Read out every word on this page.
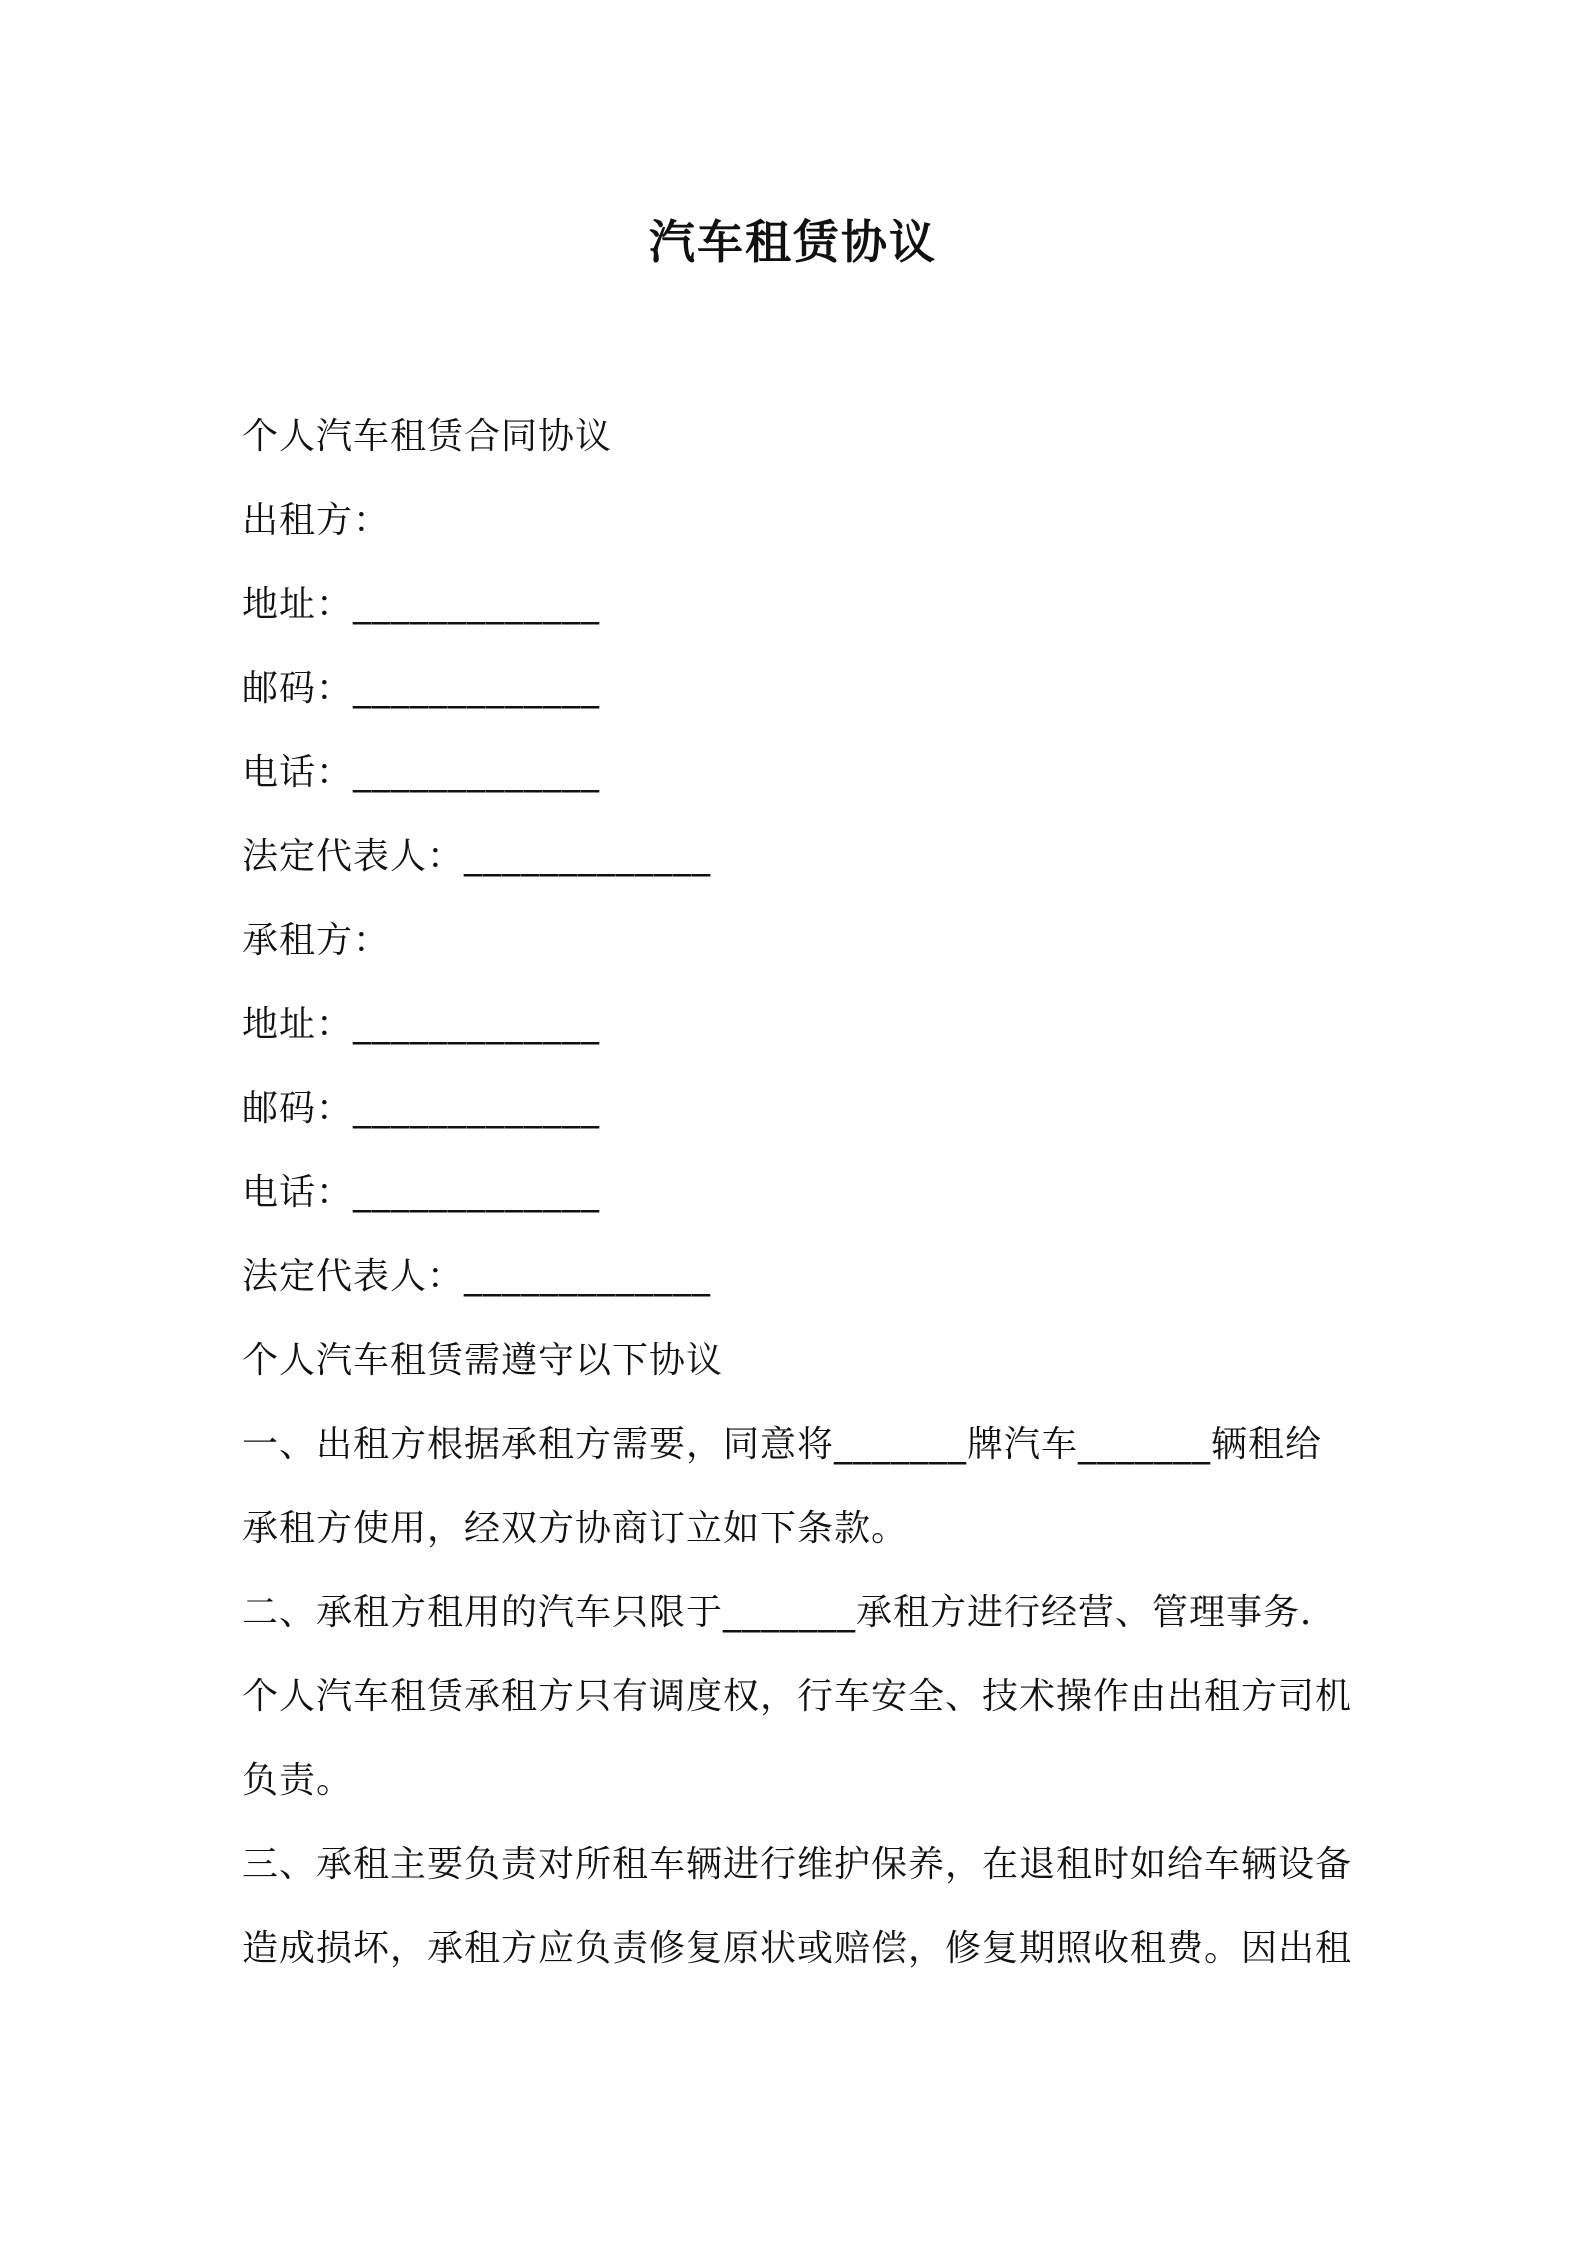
汽车租赁协议
个人汽车租赁合同协议
出租方：
地址：_____________
邮码：_____________
电话：_____________
法定代表人：_____________
承租方：
地址：_____________
邮码：_____________
电话：_____________
法定代表人：_____________
个人汽车租赁需遵守以下协议
一、出租方根据承租方需要，同意将_______牌汽车_______辆租给
承租方使用，经双方协商订立如下条款。
二、承租方租用的汽车只限于_______承租方进行经营、管理事务．
个人汽车租赁承租方只有调度权，行车安全、技术操作由出租方司机
负责。
三、承租主要负责对所租车辆进行维护保养，在退租时如给车辆设备
造成损坏，承租方应负责修复原状或赔偿，修复期照收租费。因出租
